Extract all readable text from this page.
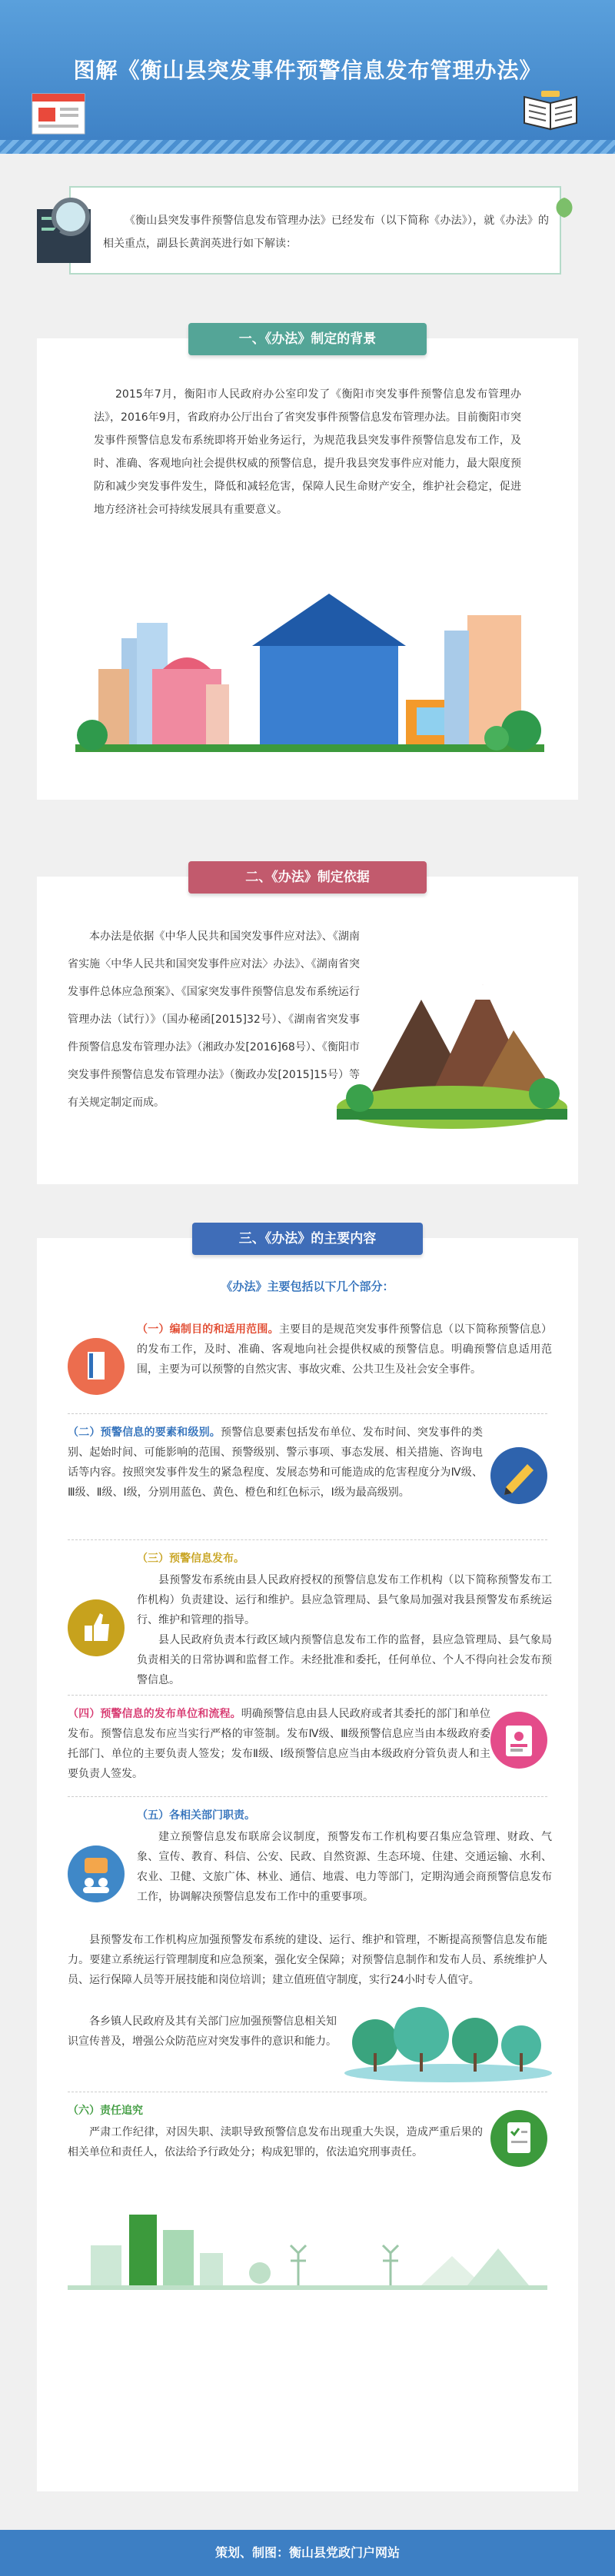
图解《衡山县突发事件预警信息发布管理办法》
《衡山县突发事件预警信息发布管理办法》已经发布（以下简称《办法》），就《办法》的相关重点，副县长黄润英进行如下解读：
一、《办法》制定的背景
2015年7月，衡阳市人民政府办公室印发了《衡阳市突发事件预警信息发布管理办法》，2016年9月，省政府办公厅出台了省突发事件预警信息发布管理办法。目前衡阳市突发事件预警信息发布系统即将开始业务运行，为规范我县突发事件预警信息发布工作，及时、准确、客观地向社会提供权威的预警信息，提升我县突发事件应对能力，最大限度预防和减少突发事件发生，降低和减轻危害，保障人民生命财产安全，维护社会稳定，促进地方经济社会可持续发展具有重要意义。
二、《办法》制定依据
本办法是依据《中华人民共和国突发事件应对法》、《湖南省实施〈中华人民共和国突发事件应对法〉办法》、《湖南省突发事件总体应急预案》、《国家突发事件预警信息发布系统运行管理办法（试行）》（国办秘函[2015]32号）、《湖南省突发事件预警信息发布管理办法》（湘政办发[2016]68号）、《衡阳市突发事件预警信息发布管理办法》（衡政办发[2015]15号）等有关规定制定而成。
三、《办法》的主要内容
《办法》主要包括以下几个部分：
（一）编制目的和适用范围。主要目的是规范突发事件预警信息（以下简称预警信息）的发布工作，及时、准确、客观地向社会提供权威的预警信息。明确预警信息适用范围，主要为可以预警的自然灾害、事故灾难、公共卫生及社会安全事件。
（二）预警信息的要素和级别。预警信息要素包括发布单位、发布时间、突发事件的类别、起始时间、可能影响的范围、预警级别、警示事项、事态发展、相关措施、咨询电话等内容。按照突发事件发生的紧急程度、发展态势和可能造成的危害程度分为Ⅳ级、Ⅲ级、Ⅱ级、Ⅰ级，分别用蓝色、黄色、橙色和红色标示，Ⅰ级为最高级别。
（三）预警信息发布。
县预警发布系统由县人民政府授权的预警信息发布工作机构（以下简称预警发布工作机构）负责建设、运行和维护。县应急管理局、县气象局加强对我县预警发布系统运行、维护和管理的指导。
县人民政府负责本行政区域内预警信息发布工作的监督，县应急管理局、县气象局负责相关的日常协调和监督工作。未经批准和委托，任何单位、个人不得向社会发布预警信息。
（四）预警信息的发布单位和流程。明确预警信息由县人民政府或者其委托的部门和单位发布。预警信息发布应当实行严格的审签制。发布Ⅳ级、Ⅲ级预警信息应当由本级政府委托部门、单位的主要负责人签发；发布Ⅱ级、Ⅰ级预警信息应当由本级政府分管负责人和主要负责人签发。
（五）各相关部门职责。
建立预警信息发布联席会议制度，预警发布工作机构要召集应急管理、财政、气象、宣传、教育、科信、公安、民政、自然资源、生态环境、住建、交通运输、水利、农业、卫健、文旅广体、林业、通信、地震、电力等部门，定期沟通会商预警信息发布工作，协调解决预警信息发布工作中的重要事项。
县预警发布工作机构应加强预警发布系统的建设、运行、维护和管理，不断提高预警信息发布能力。要建立系统运行管理制度和应急预案，强化安全保障；对预警信息制作和发布人员、系统维护人员、运行保障人员等开展技能和岗位培训；建立值班值守制度，实行24小时专人值守。
各乡镇人民政府及其有关部门应加强预警信息相关知识宣传普及，增强公众防范应对突发事件的意识和能力。
（六）责任追究
严肃工作纪律，对因失职、渎职导致预警信息发布出现重大失误，造成严重后果的相关单位和责任人，依法给予行政处分；构成犯罪的，依法追究刑事责任。
策划、制图：衡山县党政门户网站
